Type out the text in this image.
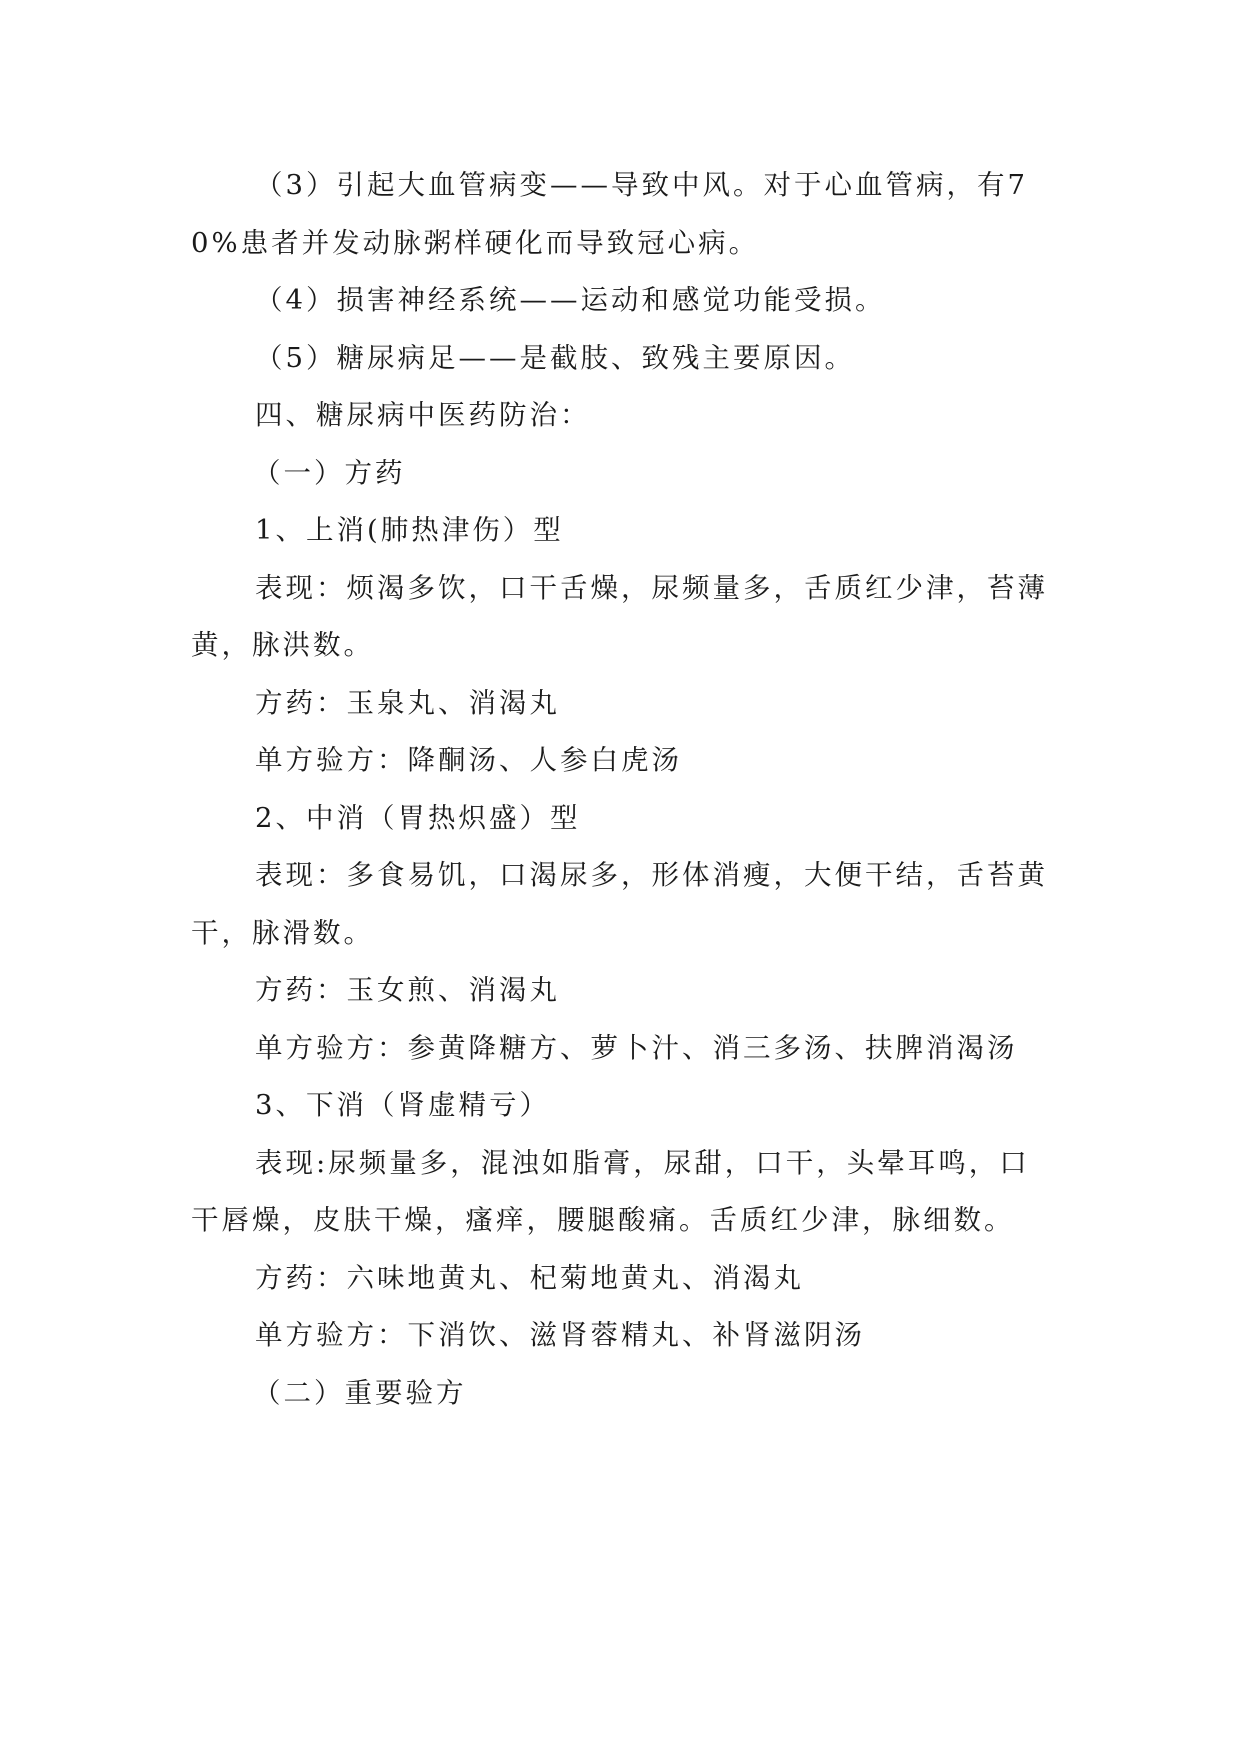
（3）引起大血管病变——导致中风。对于心血管病，有70%患者并发动脉粥样硬化而导致冠心病。

（4）损害神经系统——运动和感觉功能受损。

（5）糖尿病足——是截肢、致残主要原因。

四、糖尿病中医药防治：

（一）方药

1、上消(肺热津伤）型

表现：烦渴多饮，口干舌燥，尿频量多，舌质红少津，苔薄黄，脉洪数。

方药：玉泉丸、消渴丸

单方验方：降酮汤、人参白虎汤

2、中消（胃热炽盛）型

表现：多食易饥，口渴尿多，形体消瘦，大便干结，舌苔黄干，脉滑数。

方药：玉女煎、消渴丸

单方验方：参黄降糖方、萝卜汁、消三多汤、扶脾消渴汤

3、下消（肾虚精亏）

表现:尿频量多，混浊如脂膏，尿甜，口干，头晕耳鸣，口干唇燥，皮肤干燥，瘙痒，腰腿酸痛。舌质红少津，脉细数。

方药：六味地黄丸、杞菊地黄丸、消渴丸

单方验方：下消饮、滋肾蓉精丸、补肾滋阴汤

（二）重要验方
